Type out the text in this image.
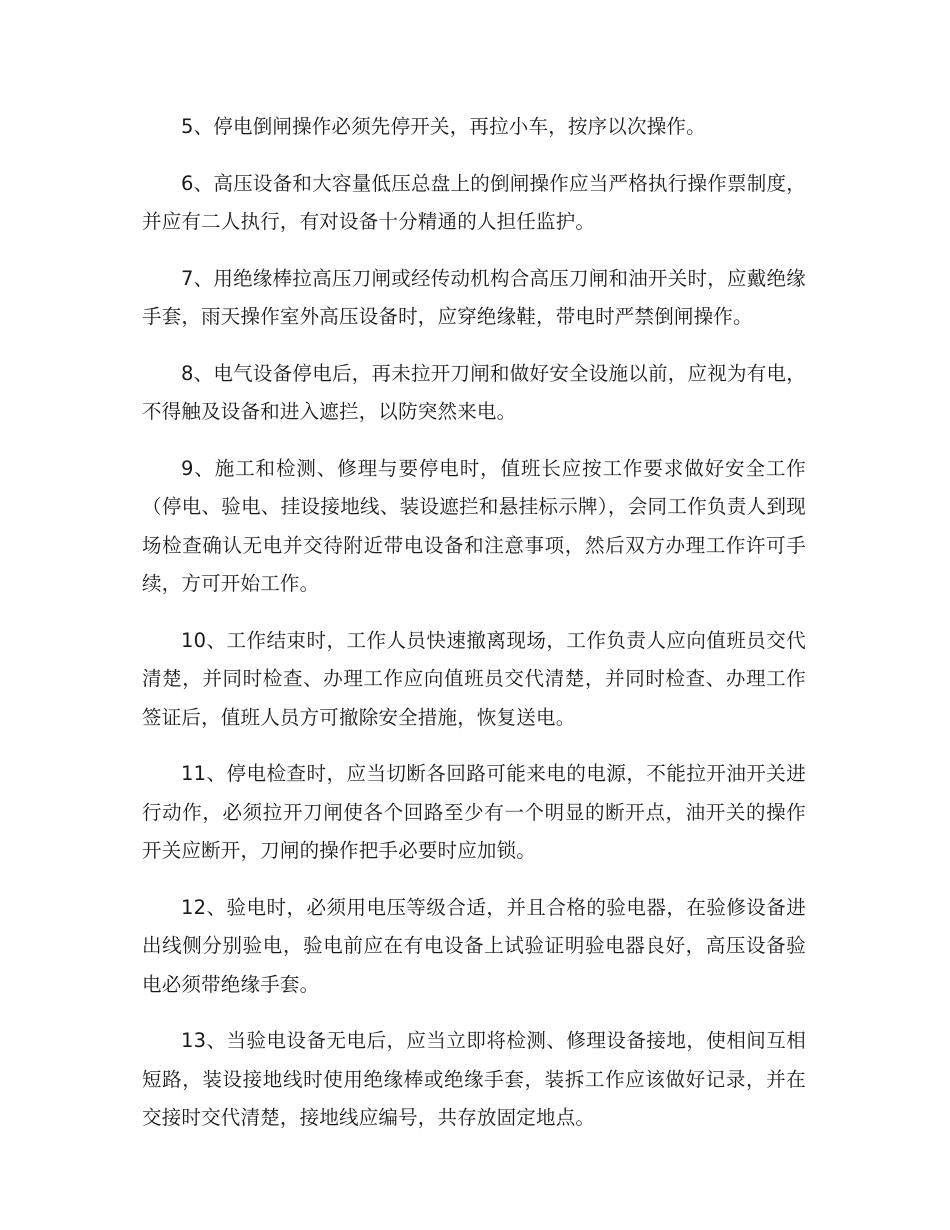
5、停电倒闸操作必须先停开关，再拉小车，按序以次操作。

6、高压设备和大容量低压总盘上的倒闸操作应当严格执行操作票制度，并应有二人执行，有对设备十分精通的人担任监护。

7、用绝缘棒拉高压刀闸或经传动机构合高压刀闸和油开关时，应戴绝缘手套，雨天操作室外高压设备时，应穿绝缘鞋，带电时严禁倒闸操作。

8、电气设备停电后，再未拉开刀闸和做好安全设施以前，应视为有电，不得触及设备和进入遮拦，以防突然来电。

9、施工和检测、修理与要停电时，值班长应按工作要求做好安全工作（停电、验电、挂设接地线、装设遮拦和悬挂标示牌），会同工作负责人到现场检查确认无电并交待附近带电设备和注意事项，然后双方办理工作许可手续，方可开始工作。

10、工作结束时，工作人员快速撤离现场，工作负责人应向值班员交代清楚，并同时检查、办理工作应向值班员交代清楚，并同时检查、办理工作签证后，值班人员方可撤除安全措施，恢复送电。

11、停电检查时，应当切断各回路可能来电的电源，不能拉开油开关进行动作，必须拉开刀闸使各个回路至少有一个明显的断开点，油开关的操作开关应断开，刀闸的操作把手必要时应加锁。

12、验电时，必须用电压等级合适，并且合格的验电器，在验修设备进出线侧分别验电，验电前应在有电设备上试验证明验电器良好，高压设备验电必须带绝缘手套。

13、当验电设备无电后，应当立即将检测、修理设备接地，使相间互相短路，装设接地线时使用绝缘棒或绝缘手套，装拆工作应该做好记录，并在交接时交代清楚，接地线应编号，共存放固定地点。
